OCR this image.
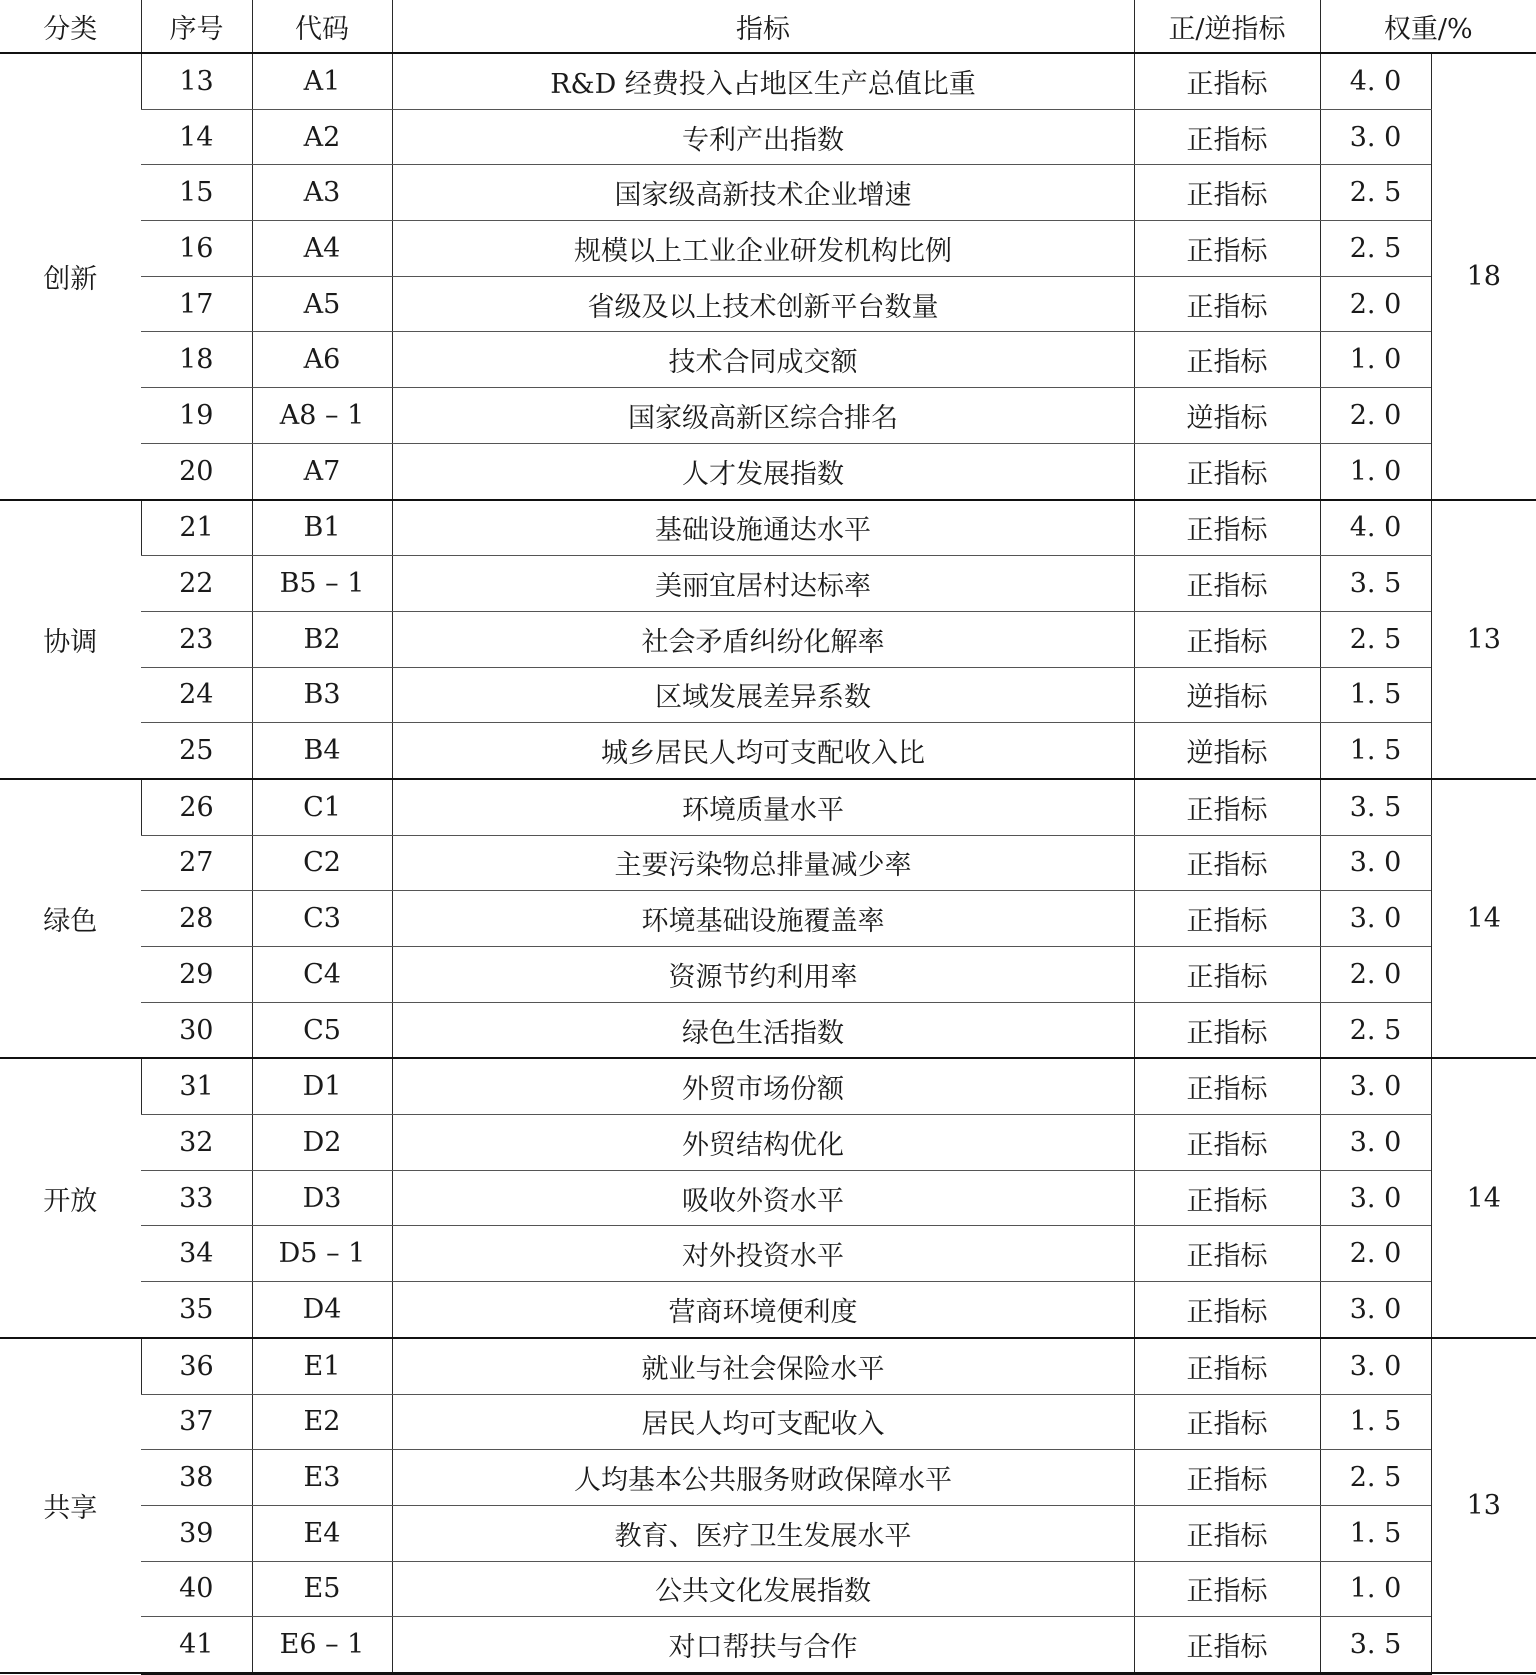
分类	序号	代码	指标	正/逆指标	权重/%	
创新	13	A1	R&D 经费投入占地区生产总值比重	正指标	4. 0	18
	14	A2	专利产出指数	正指标	3. 0	
	15	A3	国家级高新技术企业增速	正指标	2. 5	
	16	A4	规模以上工业企业研发机构比例	正指标	2. 5	
	17	A5	省级及以上技术创新平台数量	正指标	2. 0	
	18	A6	技术合同成交额	正指标	1. 0	
	19	A8 – 1	国家级高新区综合排名	逆指标	2. 0	
	20	A7	人才发展指数	正指标	1. 0	
协调	21	B1	基础设施通达水平	正指标	4. 0	13
	22	B5 – 1	美丽宜居村达标率	正指标	3. 5	
	23	B2	社会矛盾纠纷化解率	正指标	2. 5	
	24	B3	区域发展差异系数	逆指标	1. 5	
	25	B4	城乡居民人均可支配收入比	逆指标	1. 5	
绿色	26	C1	环境质量水平	正指标	3. 5	14
	27	C2	主要污染物总排量减少率	正指标	3. 0	
	28	C3	环境基础设施覆盖率	正指标	3. 0	
	29	C4	资源节约利用率	正指标	2. 0	
	30	C5	绿色生活指数	正指标	2. 5	
开放	31	D1	外贸市场份额	正指标	3. 0	14
	32	D2	外贸结构优化	正指标	3. 0	
	33	D3	吸收外资水平	正指标	3. 0	
	34	D5 – 1	对外投资水平	正指标	2. 0	
	35	D4	营商环境便利度	正指标	3. 0	
共享	36	E1	就业与社会保险水平	正指标	3. 0	13
	37	E2	居民人均可支配收入	正指标	1. 5	
	38	E3	人均基本公共服务财政保障水平	正指标	2. 5	
	39	E4	教育、医疗卫生发展水平	正指标	1. 5	
	40	E5	公共文化发展指数	正指标	1. 0	
	41	E6 – 1	对口帮扶与合作	正指标	3. 5	
